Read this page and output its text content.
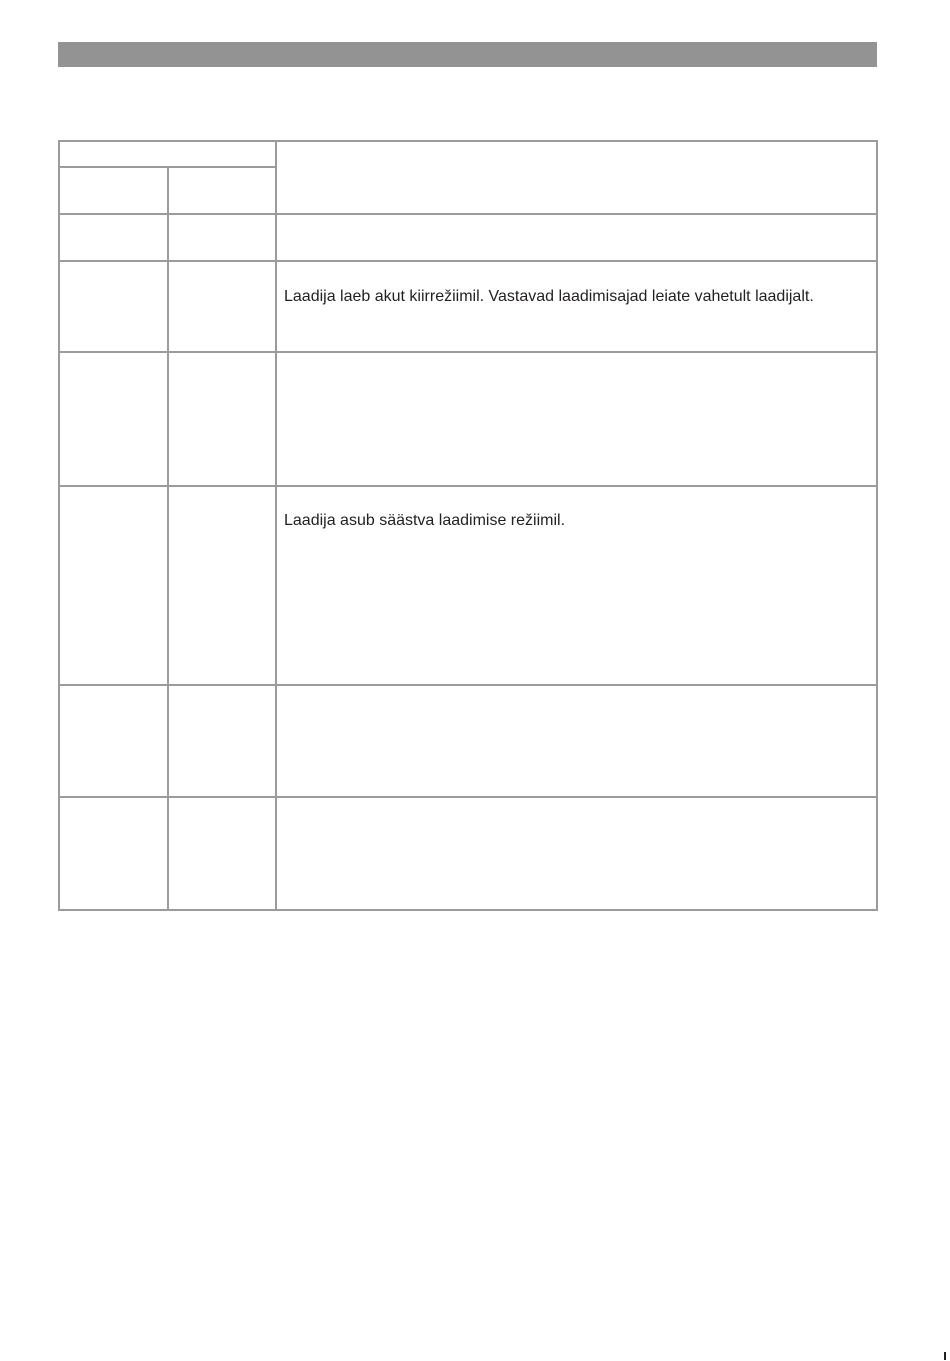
		Laadija laeb akut kiirrežiimil. Vastavad laadimisajad leiate vahetult laadijalt.

		Laadija asub säästva laadimise režiimil.
